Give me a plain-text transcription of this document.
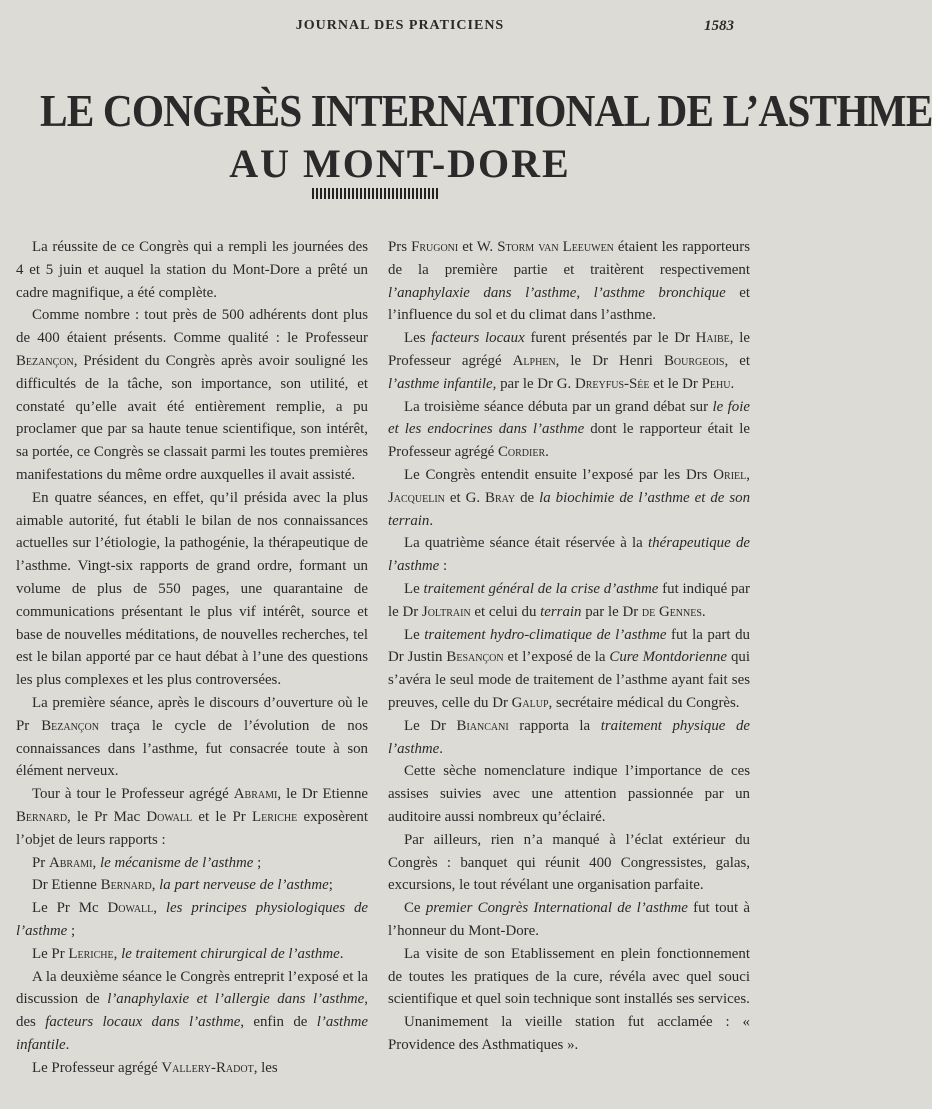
JOURNAL DES PRATICIENS	1583
LE CONGRÈS INTERNATIONAL DE L’ASTHME
AU MONT-DORE

La réussite de ce Congrès qui a rempli les journées des 4 et 5 juin et auquel la station du Mont-Dore a prêté un cadre magnifique, a été complète.

Comme nombre : tout près de 500 adhérents dont plus de 400 étaient présents. Comme qualité : le Professeur Bezançon, Président du Congrès après avoir souligné les difficultés de la tâche, son importance, son utilité, et constaté qu’elle avait été entièrement remplie, a pu proclamer que par sa haute tenue scientifique, son intérêt, sa portée, ce Congrès se classait parmi les toutes premières manifestations du même ordre auxquelles il avait assisté.

En quatre séances, en effet, qu’il présida avec la plus aimable autorité, fut établi le bilan de nos connaissances actuelles sur l’étiologie, la pathogénie, la thérapeutique de l’asthme. Vingt-six rapports de grand ordre, formant un volume de plus de 550 pages, une quarantaine de communications présentant le plus vif intérêt, source et base de nouvelles méditations, de nouvelles recherches, tel est le bilan apporté par ce haut débat à l’une des questions les plus complexes et les plus controversées.

La première séance, après le discours d’ouverture où le Pr Bezançon traça le cycle de l’évolution de nos connaissances dans l’asthme, fut consacrée toute à son élément nerveux.

Tour à tour le Professeur agrégé Abrami, le Dr Etienne Bernard, le Pr Mac Dowall et le Pr Leriche exposèrent l’objet de leurs rapports :

Pr Abrami, le mécanisme de l’asthme ;

Dr Etienne Bernard, la part nerveuse de l’asthme;

Le Pr Mc Dowall, les principes physiologiques de l’asthme ;

Le Pr Leriche, le traitement chirurgical de l’asthme.

A la deuxième séance le Congrès entreprit l’exposé et la discussion de l’anaphylaxie et l’allergie dans l’asthme, des facteurs locaux dans l’asthme, enfin de l’asthme infantile.

Le Professeur agrégé Vallery-Radot, les

Prs Frugoni et W. Storm van Leeuwen étaient les rapporteurs de la première partie et traitèrent respectivement l’anaphylaxie dans l’asthme, l’asthme bronchique et l’influence du sol et du climat dans l’asthme.

Les facteurs locaux furent présentés par le Dr Haibe, le Professeur agrégé Alphen, le Dr Henri Bourgeois, et l’asthme infantile, par le Dr G. Dreyfus-Sée et le Dr Pehu.

La troisième séance débuta par un grand débat sur le foie et les endocrines dans l’asthme dont le rapporteur était le Professeur agrégé Cordier.

Le Congrès entendit ensuite l’exposé par les Drs Oriel, Jacquelin et G. Bray de la biochimie de l’asthme et de son terrain.

La quatrième séance était réservée à la thérapeutique de l’asthme :

Le traitement général de la crise d’asthme fut indiqué par le Dr Joltrain et celui du terrain par le Dr de Gennes.

Le traitement hydro-climatique de l’asthme fut la part du Dr Justin Besançon et l’exposé de la Cure Montdorienne qui s’avéra le seul mode de traitement de l’asthme ayant fait ses preuves, celle du Dr Galup, secrétaire médical du Congrès.

Le Dr Biancani rapporta la traitement physique de l’asthme.

Cette sèche nomenclature indique l’importance de ces assises suivies avec une attention passionnée par un auditoire aussi nombreux qu’éclairé.

Par ailleurs, rien n’a manqué à l’éclat extérieur du Congrès : banquet qui réunit 400 Congressistes, galas, excursions, le tout révélant une organisation parfaite.

Ce premier Congrès International de l’asthme fut tout à l’honneur du Mont-Dore.

La visite de son Etablissement en plein fonctionnement de toutes les pratiques de la cure, révéla avec quel souci scientifique et quel soin technique sont installés ses services.

Unanimement la vieille station fut acclamée : « Providence des Asthmatiques ».
